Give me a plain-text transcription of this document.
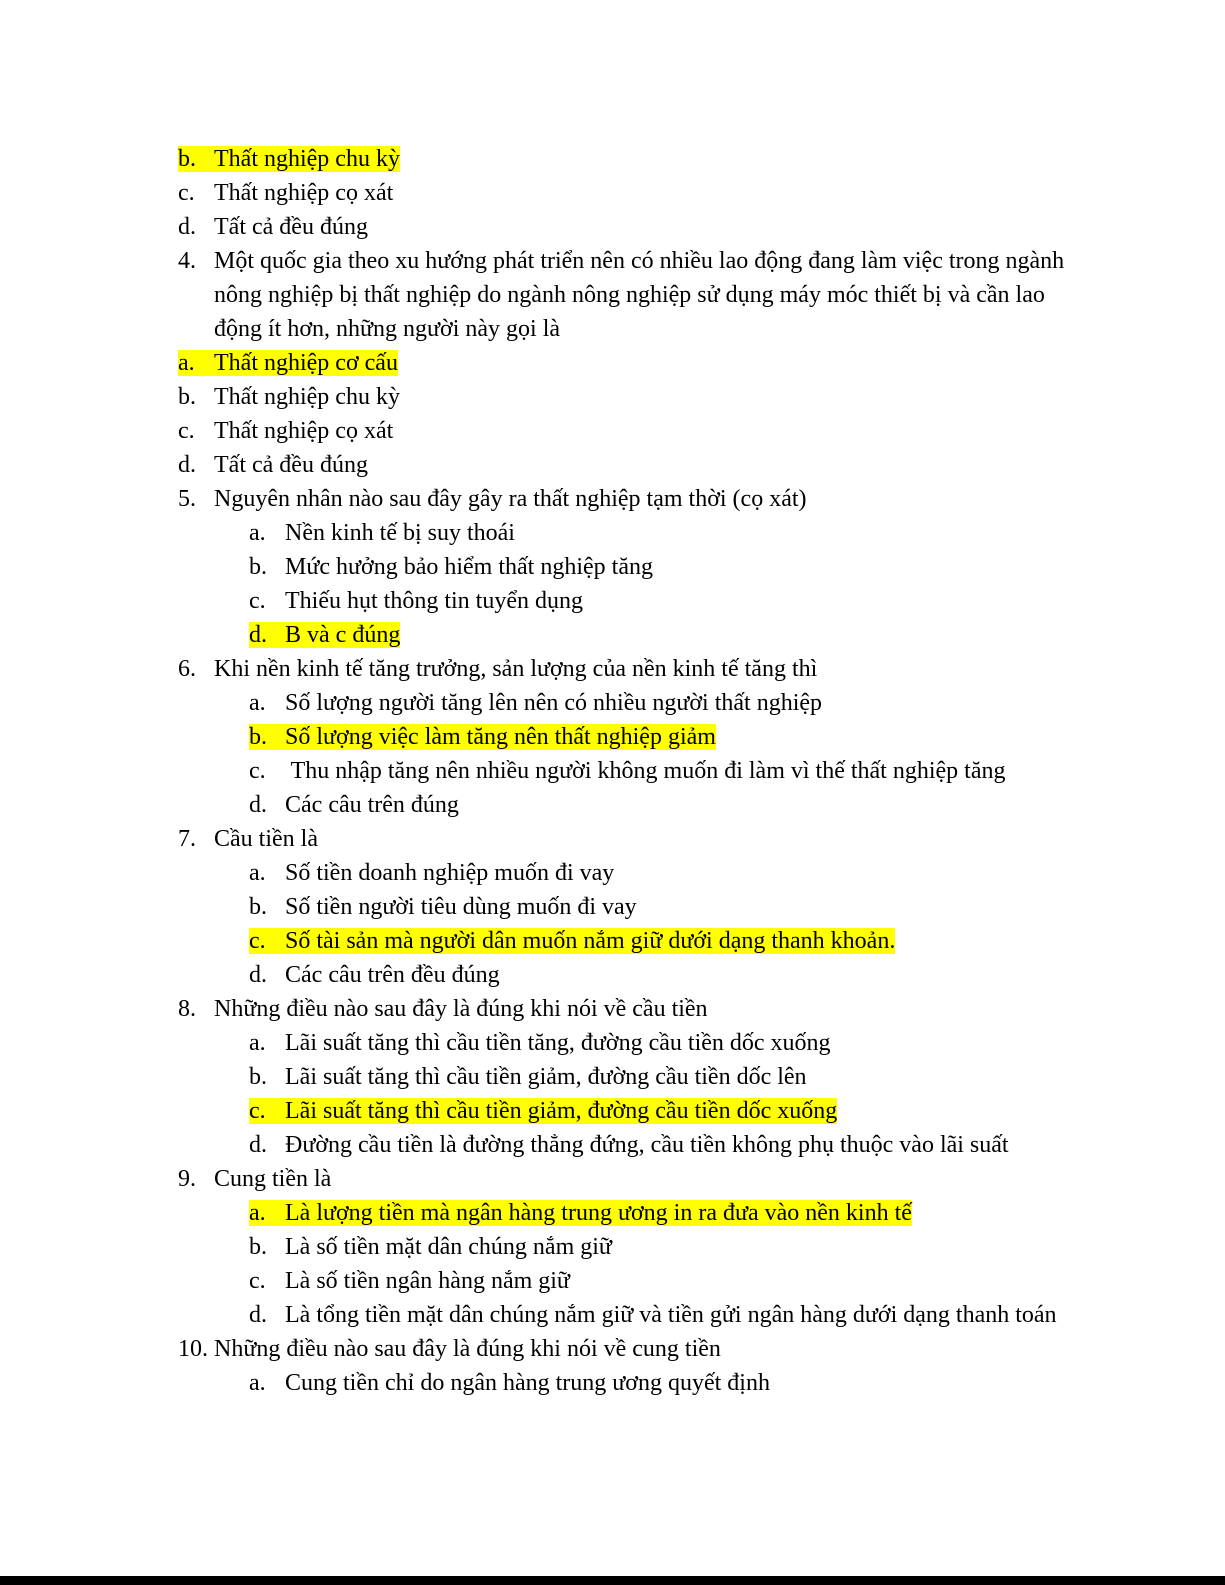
b. Thất nghiệp chu kỳ
c. Thất nghiệp cọ xát
d. Tất cả đều đúng
4. Một quốc gia theo xu hướng phát triển nên có nhiều lao động đang làm việc trong ngành
nông nghiệp bị thất nghiệp do ngành nông nghiệp sử dụng máy móc thiết bị và cần lao
động ít hơn, những người này gọi là
a. Thất nghiệp cơ cấu
b. Thất nghiệp chu kỳ
c. Thất nghiệp cọ xát
d. Tất cả đều đúng
5. Nguyên nhân nào sau đây gây ra thất nghiệp tạm thời (cọ xát)
a. Nền kinh tế bị suy thoái
b. Mức hưởng bảo hiểm thất nghiệp tăng
c. Thiếu hụt thông tin tuyển dụng
d. B và c đúng
6. Khi nền kinh tế tăng trưởng, sản lượng của nền kinh tế tăng thì
a. Số lượng người tăng lên nên có nhiều người thất nghiệp
b. Số lượng việc làm tăng nên thất nghiệp giảm
c. Thu nhập tăng nên nhiều người không muốn đi làm vì thế thất nghiệp tăng
d. Các câu trên đúng
7. Cầu tiền là
a. Số tiền doanh nghiệp muốn đi vay
b. Số tiền người tiêu dùng muốn đi vay
c. Số tài sản mà người dân muốn nắm giữ dưới dạng thanh khoản.
d. Các câu trên đều đúng
8. Những điều nào sau đây là đúng khi nói về cầu tiền
a. Lãi suất tăng thì cầu tiền tăng, đường cầu tiền dốc xuống
b. Lãi suất tăng thì cầu tiền giảm, đường cầu tiền dốc lên
c. Lãi suất tăng thì cầu tiền giảm, đường cầu tiền dốc xuống
d. Đường cầu tiền là đường thẳng đứng, cầu tiền không phụ thuộc vào lãi suất
9. Cung tiền là
a. Là lượng tiền mà ngân hàng trung ương in ra đưa vào nền kinh tế
b. Là số tiền mặt dân chúng nắm giữ
c. Là số tiền ngân hàng nắm giữ
d. Là tổng tiền mặt dân chúng nắm giữ và tiền gửi ngân hàng dưới dạng thanh toán
10. Những điều nào sau đây là đúng khi nói về cung tiền
a. Cung tiền chỉ do ngân hàng trung ương quyết định
